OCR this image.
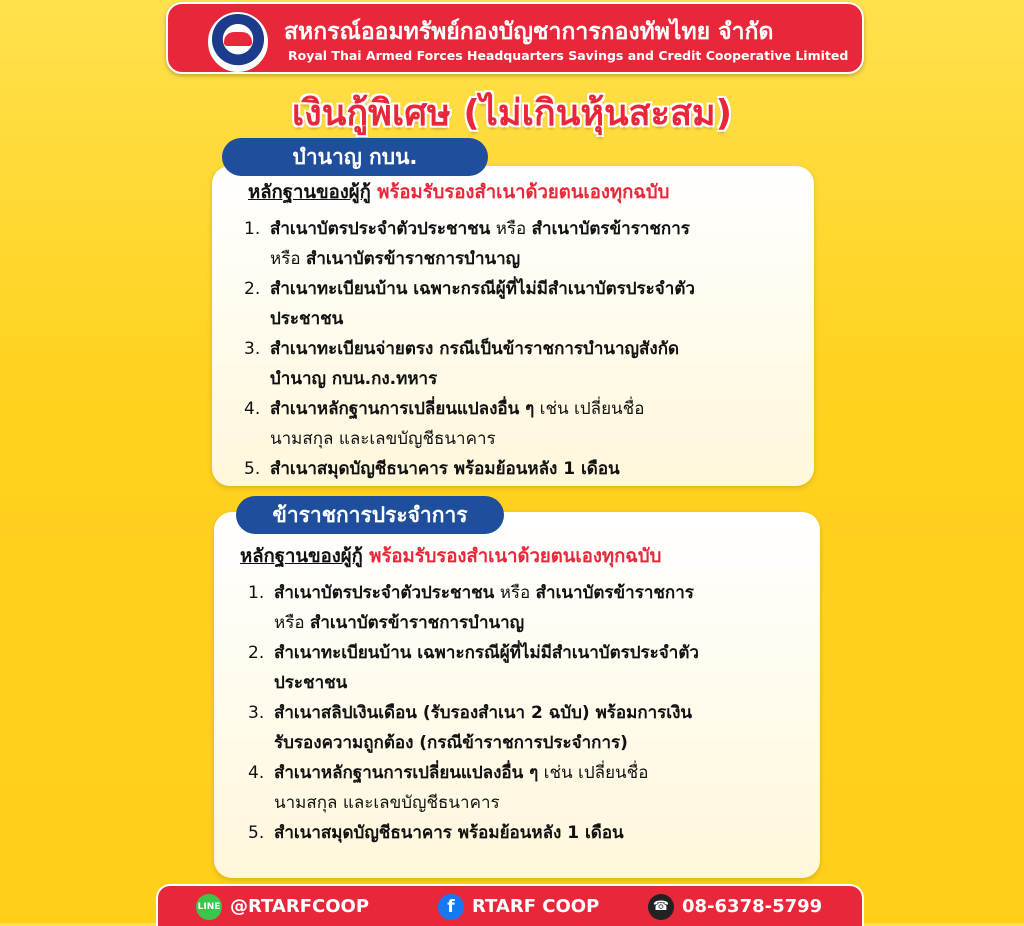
สหกรณ์ออมทรัพย์กองบัญชาการกองทัพไทย จำกัด
Royal Thai Armed Forces Headquarters Savings and Credit Cooperative Limited
เงินกู้พิเศษ (ไม่เกินหุ้นสะสม)
บำนาญ กบน.
หลักฐานของผู้กู้ พร้อมรับรองสำเนาด้วยตนเองทุกฉบับ
1. สำเนาบัตรประจำตัวประชาชน หรือ สำเนาบัตรข้าราชการ
หรือ สำเนาบัตรข้าราชการบำนาญ
2. สำเนาทะเบียนบ้าน เฉพาะกรณีผู้ที่ไม่มีสำเนาบัตรประจำตัว
ประชาชน
3. สำเนาทะเบียนจ่ายตรง กรณีเป็นข้าราชการบำนาญสังกัด
บำนาญ กบน.กง.ทหาร
4. สำเนาหลักฐานการเปลี่ยนแปลงอื่น ๆ เช่น เปลี่ยนชื่อ
นามสกุล และเลขบัญชีธนาคาร
5. สำเนาสมุดบัญชีธนาคาร พร้อมย้อนหลัง 1 เดือน
ข้าราชการประจำการ
หลักฐานของผู้กู้ พร้อมรับรองสำเนาด้วยตนเองทุกฉบับ
1. สำเนาบัตรประจำตัวประชาชน หรือ สำเนาบัตรข้าราชการ
หรือ สำเนาบัตรข้าราชการบำนาญ
2. สำเนาทะเบียนบ้าน เฉพาะกรณีผู้ที่ไม่มีสำเนาบัตรประจำตัว
ประชาชน
3. สำเนาสลิปเงินเดือน (รับรองสำเนา 2 ฉบับ) พร้อมการเงิน
รับรองความถูกต้อง (กรณีข้าราชการประจำการ)
4. สำเนาหลักฐานการเปลี่ยนแปลงอื่น ๆ เช่น เปลี่ยนชื่อ
นามสกุล และเลขบัญชีธนาคาร
5. สำเนาสมุดบัญชีธนาคาร พร้อมย้อนหลัง 1 เดือน
LINE @RTARFCOOP	f RTARF COOP	☎ 08-6378-5799
